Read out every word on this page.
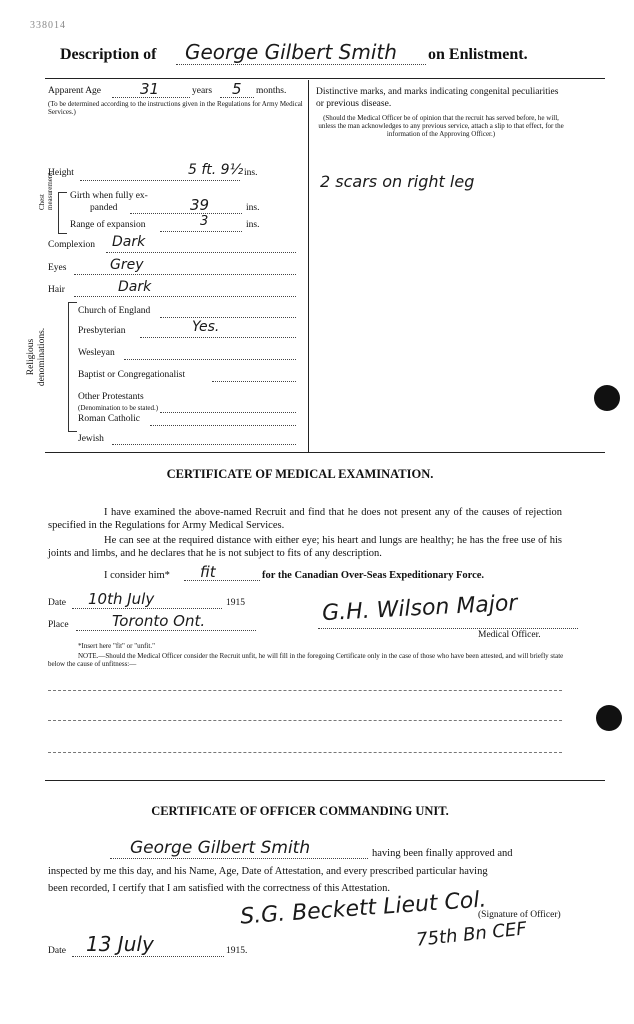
338014
Description of George Gilbert Smith	on Enlistment.
Apparent Age	31	years 5 months.
(To be determined according to the instructions given in the Regulations for Army Medical Services.)
Height	5 ft. 9½ ins.
Chest measurement. Girth when fully ex-
panded	39	ins.
Range of expansion	3	ins.
Complexion Dark
Eyes	Grey
Hair	Dark
Religious denominations.
Church of England
Presbyterian	Yes.
Wesleyan
Baptist or Congregationalist
Other Protestants
(Denomination to be stated.)
Roman Catholic
Jewish
Distinctive marks, and marks indicating congenital peculiarities or previous disease.
(Should the Medical Officer be of opinion that the recruit has served before, he will, unless the man acknowledges to any previous service, attach a slip to that effect, for the information of the Approving Officer.)
2 scars on right leg
CERTIFICATE OF MEDICAL EXAMINATION.
I have examined the above-named Recruit and find that he does not present any of the causes of rejection specified in the Regulations for Army Medical Services.
He can see at the required distance with either eye; his heart and lungs are healthy; he has the free use of his joints and limbs, and he declares that he is not subject to fits of any description.
I consider him* fit	for the Canadian Over-Seas Expeditionary Force.
Date 10th July	1915
Place	Toronto Ont.	G.H. Wilson Major
Medical Officer.
*Insert here "fit" or "unfit."
NOTE.—Should the Medical Officer consider the Recruit unfit, he will fill in the foregoing Certificate only in the case of those who have been attested, and will briefly state below the cause of unfitness:—
CERTIFICATE OF OFFICER COMMANDING UNIT.
George Gilbert Smith	having been finally approved and
inspected by me this day, and his Name, Age, Date of Attestation, and every prescribed particular having
been recorded, I certify that I am satisfied with the correctness of this Attestation.
S.G. Beckett Lieut Col.
(Signature of Officer)
75th Bn CEF
Date 13 July	1915.
